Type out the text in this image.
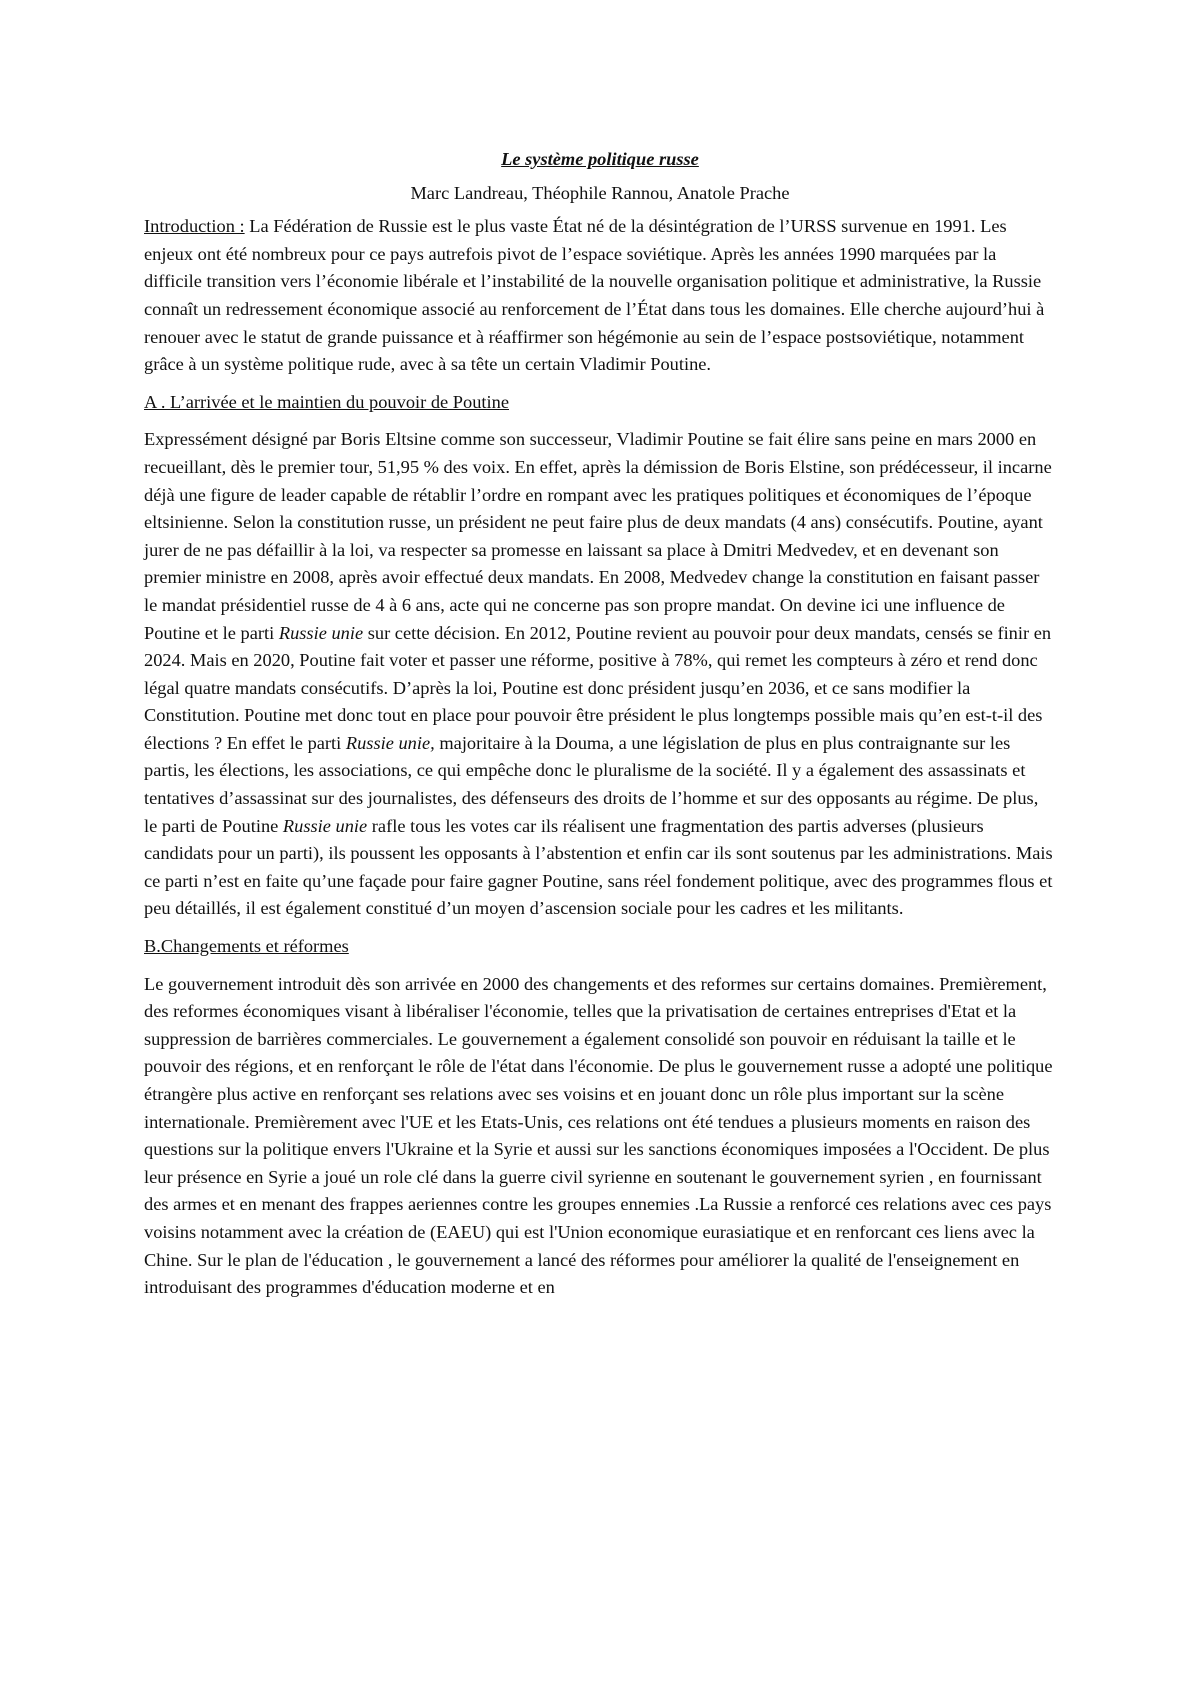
Le système politique russe
Marc Landreau, Théophile Rannou, Anatole Prache

Introduction : La Fédération de Russie est le plus vaste État né de la désintégration de l’URSS survenue en 1991. Les enjeux ont été nombreux pour ce pays autrefois pivot de l’espace soviétique. Après les années 1990 marquées par la difficile transition vers l’économie libérale et l’instabilité de la nouvelle organisation politique et administrative, la Russie connaît un redressement économique associé au renforcement de l’État dans tous les domaines. Elle cherche aujourd’hui à renouer avec le statut de grande puissance et à réaffirmer son hégémonie au sein de l’espace postsoviétique, notamment grâce à un système politique rude, avec à sa tête un certain Vladimir Poutine.

A . L’arrivée et le maintien du pouvoir de Poutine

Expressément désigné par Boris Eltsine comme son successeur, Vladimir Poutine se fait élire sans peine en mars 2000 en recueillant, dès le premier tour, 51,95 % des voix. En effet, après la démission de Boris Elstine, son prédécesseur, il incarne déjà une figure de leader capable de rétablir l’ordre en rompant avec les pratiques politiques et économiques de l’époque eltsinienne. Selon la constitution russe, un président ne peut faire plus de deux mandats (4 ans) consécutifs. Poutine, ayant jurer de ne pas défaillir à la loi, va respecter sa promesse en laissant sa place à Dmitri Medvedev, et en devenant son premier ministre en 2008, après avoir effectué deux mandats. En 2008, Medvedev change la constitution en faisant passer le mandat présidentiel russe de 4 à 6 ans, acte qui ne concerne pas son propre mandat. On devine ici une influence de Poutine et le parti Russie unie sur cette décision. En 2012, Poutine revient au pouvoir pour deux mandats, censés se finir en 2024. Mais en 2020, Poutine fait voter et passer une réforme, positive à 78%, qui remet les compteurs à zéro et rend donc légal quatre mandats consécutifs. D’après la loi, Poutine est donc président jusqu’en 2036, et ce sans modifier la Constitution. Poutine met donc tout en place pour pouvoir être président le plus longtemps possible mais qu’en est-t-il des élections ? En effet le parti Russie unie, majoritaire à la Douma, a une législation de plus en plus contraignante sur les partis, les élections, les associations, ce qui empêche donc le pluralisme de la société. Il y a également des assassinats et tentatives d’assassinat sur des journalistes, des défenseurs des droits de l’homme et sur des opposants au régime. De plus, le parti de Poutine Russie unie rafle tous les votes car ils réalisent une fragmentation des partis adverses (plusieurs candidats pour un parti), ils poussent les opposants à l’abstention et enfin car ils sont soutenus par les administrations. Mais ce parti n’est en faite qu’une façade pour faire gagner Poutine, sans réel fondement politique, avec des programmes flous et peu détaillés, il est également constitué d’un moyen d’ascension sociale pour les cadres et les militants.

B.Changements et réformes

Le gouvernement introduit dès son arrivée en 2000 des changements et des reformes sur certains domaines. Premièrement, des reformes économiques visant à libéraliser l'économie, telles que la privatisation de certaines entreprises d'Etat et la suppression de barrières commerciales. Le gouvernement a également consolidé son pouvoir en réduisant la taille et le pouvoir des régions, et en renforçant le rôle de l'état dans l'économie. De plus le gouvernement russe a adopté une politique étrangère plus active en renforçant ses relations avec ses voisins et en jouant donc un rôle plus important sur la scène internationale. Premièrement avec l'UE et les Etats-Unis, ces relations ont été tendues a plusieurs moments en raison des questions sur la politique envers l'Ukraine et la Syrie et aussi sur les sanctions économiques imposées a l'Occident. De plus leur présence en Syrie a joué un role clé dans la guerre civil syrienne en soutenant le gouvernement syrien , en fournissant des armes et en menant des frappes aeriennes contre les groupes ennemies .La Russie a renforcé ces relations avec ces pays voisins notamment avec la création de (EAEU) qui est l'Union economique eurasiatique et en renforcant ces liens avec la Chine. Sur le plan de l'éducation , le gouvernement a lancé des réformes pour améliorer la qualité de l'enseignement en introduisant des programmes d'éducation moderne et en
